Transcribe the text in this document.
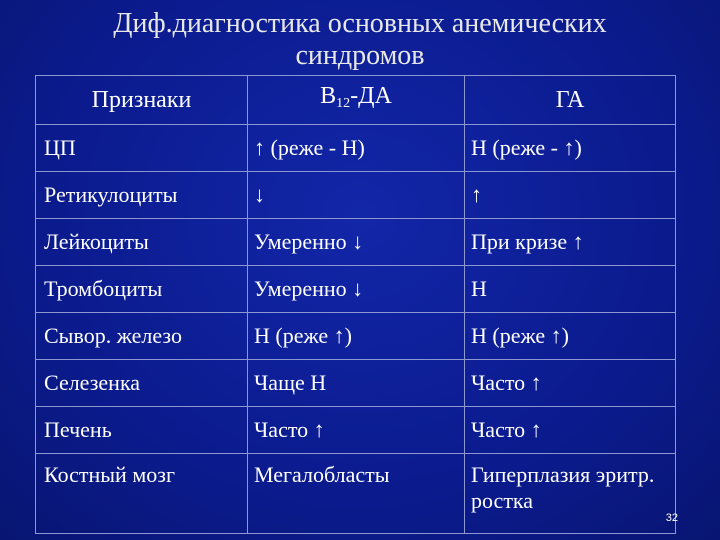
Диф.диагностика основных анемических
синдромов
Признаки	$В_{12}-ДА$	ГА
ЦП	↑ (реже - Н)	Н (реже - ↑)
Ретикулоциты	↓	↑
Лейкоциты	Умеренно ↓	При кризе ↑
Тромбоциты	Умеренно ↓	Н
Сывор. железо	Н (реже ↑)	Н (реже ↑)
Селезенка	Чаще Н	Часто ↑
Печень	Часто ↑	Часто ↑
Костный мозг	Мегалобласты	Гиперплазия эритр. ростка
32
